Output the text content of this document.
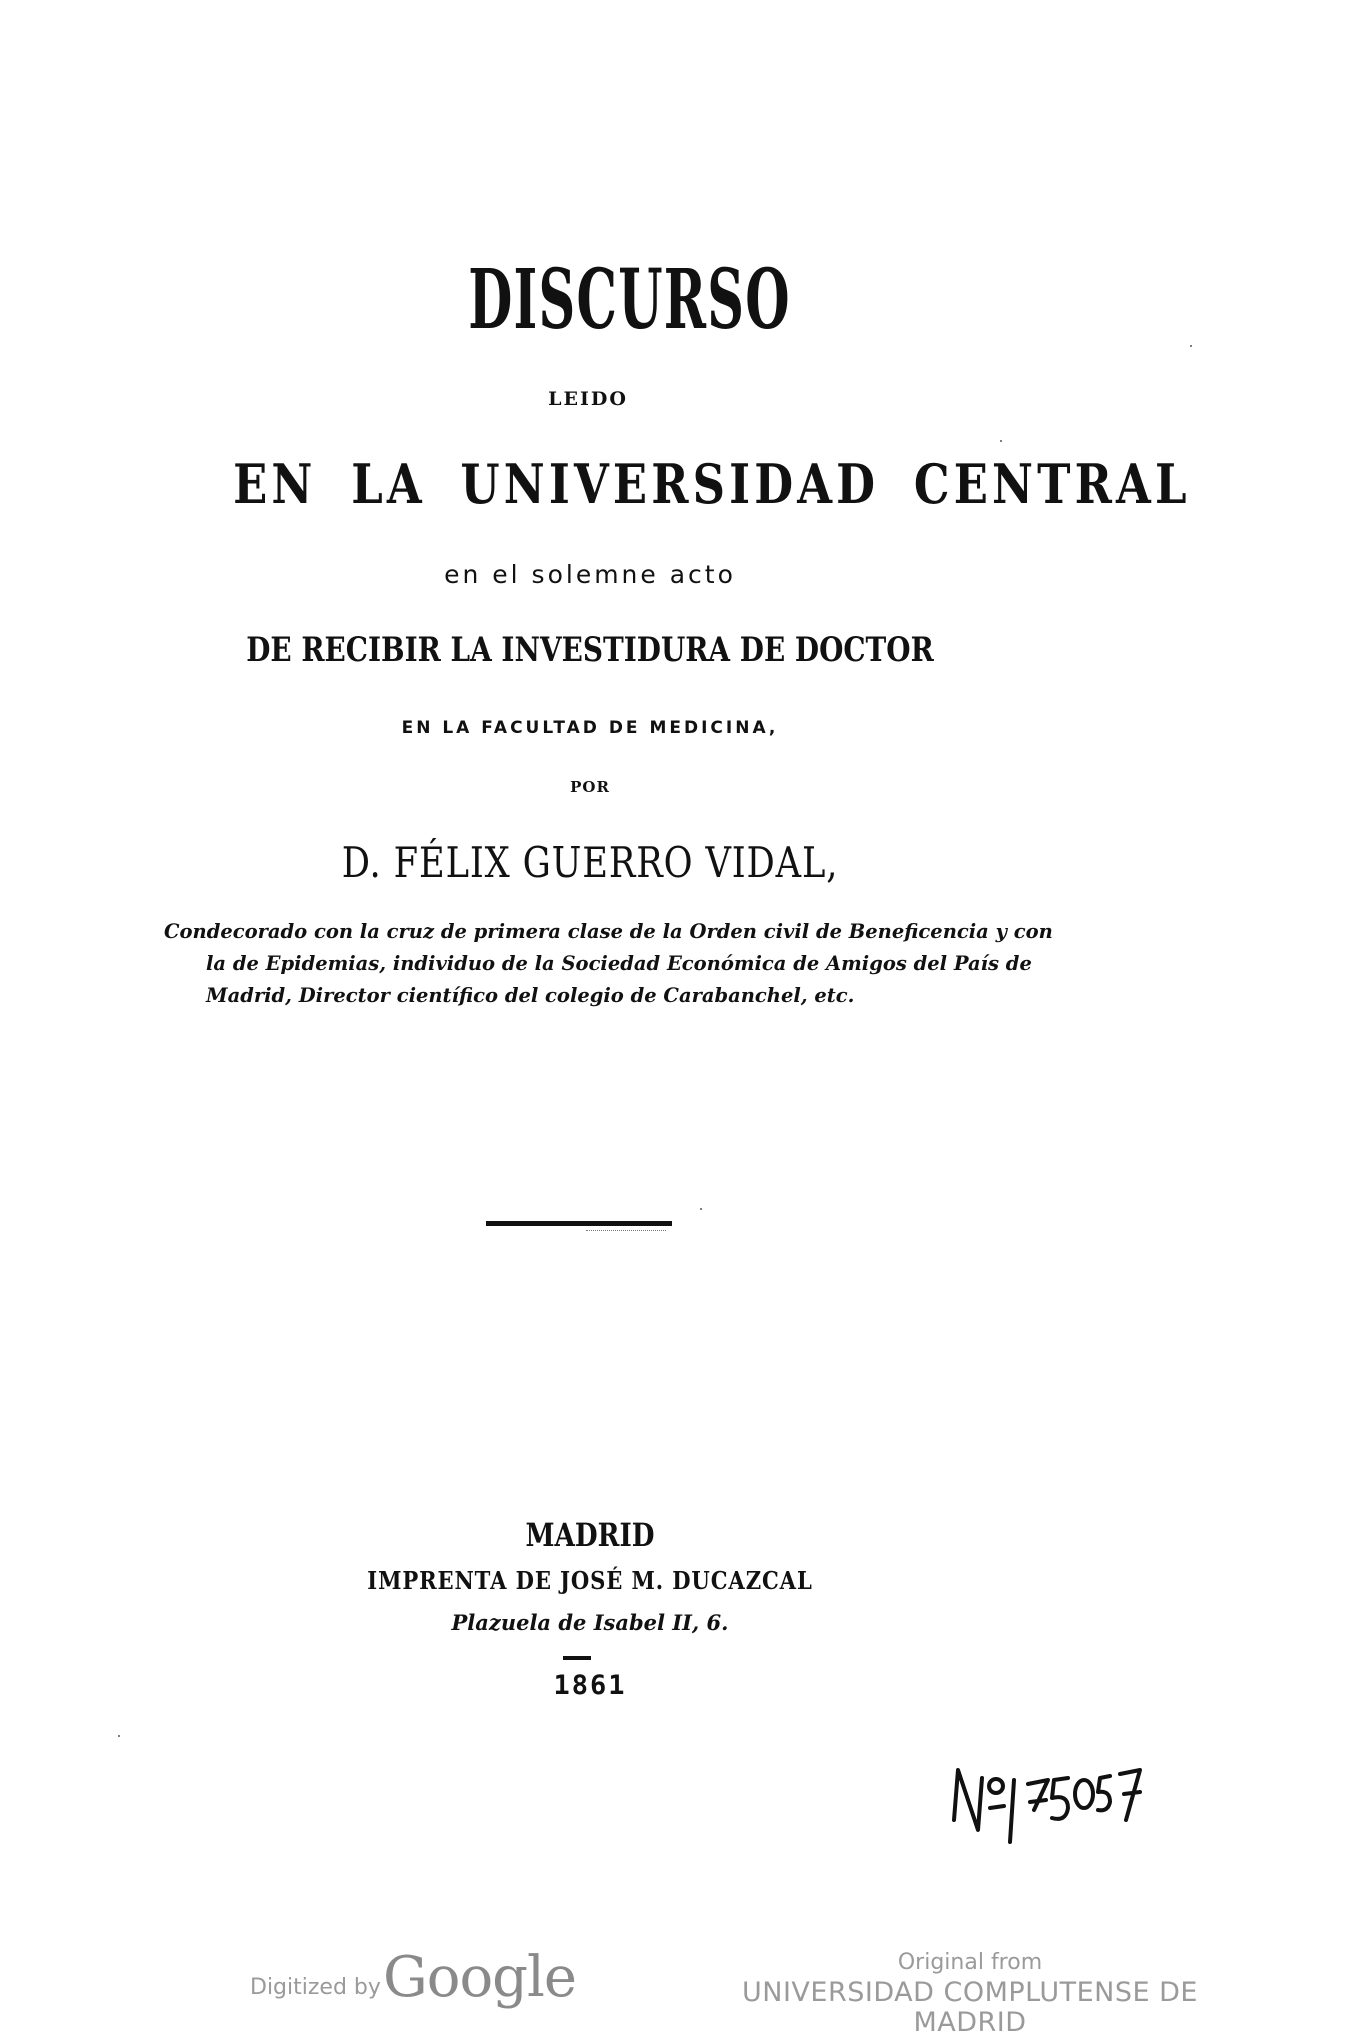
DISCURSO
LEIDO
EN LA UNIVERSIDAD CENTRAL
en el solemne acto
DE RECIBIR LA INVESTIDURA DE DOCTOR
EN LA FACULTAD DE MEDICINA,
POR
D. FÉLIX GUERRO VIDAL,
Condecorado con la cruz de primera clase de la Orden civil de Beneficencia y con
la de Epidemias, individuo de la Sociedad Económica de Amigos del País de
Madrid, Director científico del colegio de Carabanchel, etc.
MADRID
IMPRENTA DE JOSÉ M. DUCAZCAL
Plazuela de Isabel II, 6.
1861
Digitized by Google	Original from
UNIVERSIDAD COMPLUTENSE DE MADRID
